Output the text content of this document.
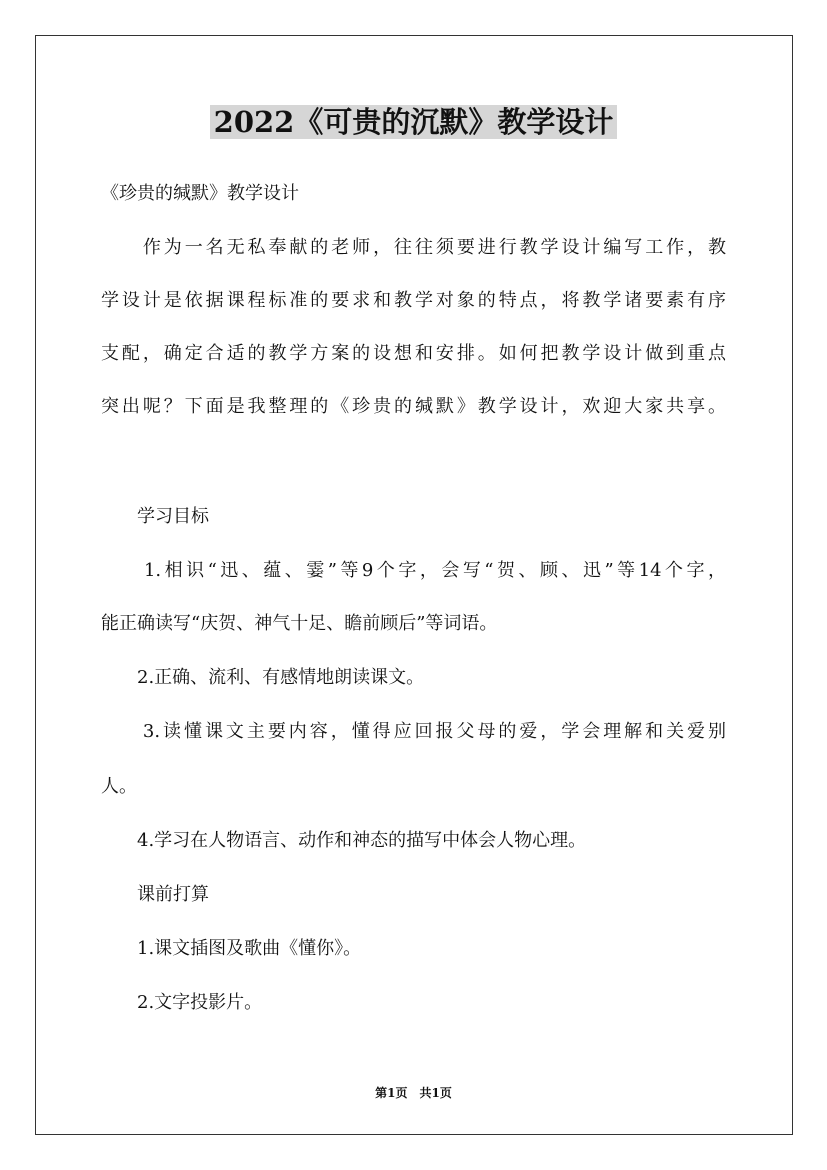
2022《可贵的沉默》教学设计
《珍贵的缄默》教学设计
　　作为一名无私奉献的老师，往往须要进行教学设计编写工作，教
学设计是依据课程标准的要求和教学对象的特点，将教学诸要素有序
支配，确定合适的教学方案的设想和安排。如何把教学设计做到重点
突出呢？下面是我整理的《珍贵的缄默》教学设计，欢迎大家共享。
　　学习目标
　　1.相识“迅、蕴、霎”等9个字，会写“贺、顾、迅”等14个字，
能正确读写“庆贺、神气十足、瞻前顾后”等词语。
　　2.正确、流利、有感情地朗读课文。
　　3.读懂课文主要内容，懂得应回报父母的爱，学会理解和关爱别
人。
　　4.学习在人物语言、动作和神态的描写中体会人物心理。
　　课前打算
　　1.课文插图及歌曲《懂你》。
　　2.文字投影片。
第1页　共1页
